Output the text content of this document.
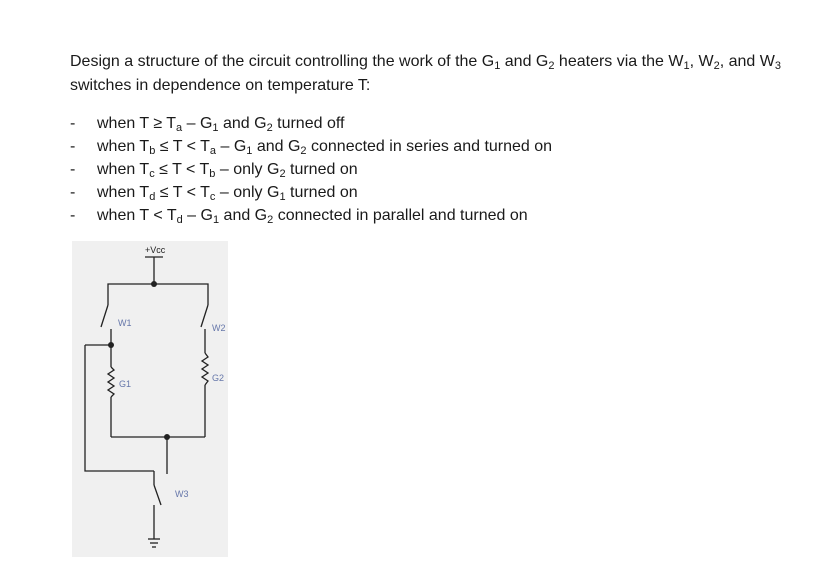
Design a structure of the circuit controlling the work of the $G_1$ and $G_2$ heaters via the $W_1$, $W_2$, and $W_3$ switches in dependence on temperature T:

- when $T \ge T_a - G_1$ and $G_2$ turned off
- when $T_b \le T < T_a - G_1$ and $G_2$ connected in series and turned on
- when $T_c \le T < T_b$ – only $G_2$ turned on
- when $T_d \le T < T_c$ – only $G_1$ turned on
- when $T < T_d - G_1$ and $G_2$ connected in parallel and turned on
+Vcc
W1	W2
G1
G2
W3
